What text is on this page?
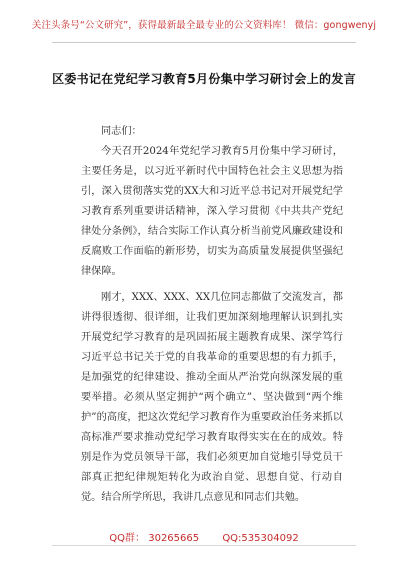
关注头条号“公文研究”，获得最新最全最专业的公文资料库！ 微信：gongwenyj
区委书记在党纪学习教育5月份集中学习研讨会上的发言
同志们：
今天召开2024年党纪学习教育5月份集中学习研讨，主要任务是，以习近平新时代中国特色社会主义思想为指引，深入贯彻落实党的XX大和习近平总书记对开展党纪学习教育系列重要讲话精神，深入学习贯彻《中共共产党纪律处分条例》，结合实际工作认真分析当前党风廉政建设和反腐败工作面临的新形势，切实为高质量发展提供坚强纪律保障。
刚才，XXX、XXX、XX几位同志都做了交流发言，都讲得很透彻、很详细，让我们更加深刻地理解认识到扎实开展党纪学习教育的是巩固拓展主题教育成果、深学笃行习近平总书记关于党的自我革命的重要思想的有力抓手，是加强党的纪律建设、推动全面从严治党向纵深发展的重要举措。必须从坚定拥护“两个确立”、坚决做到“两个维护”的高度，把这次党纪学习教育作为重要政治任务来抓以高标准严要求推动党纪学习教育取得实实在在的成效。特别是作为党员领导干部，我们必须更加自觉地引导党员干部真正把纪律规矩转化为政治自觉、思想自觉、行动自觉。结合所学所思，我讲几点意见和同志们共勉。
QQ群： 30265665 QQ:535304092
